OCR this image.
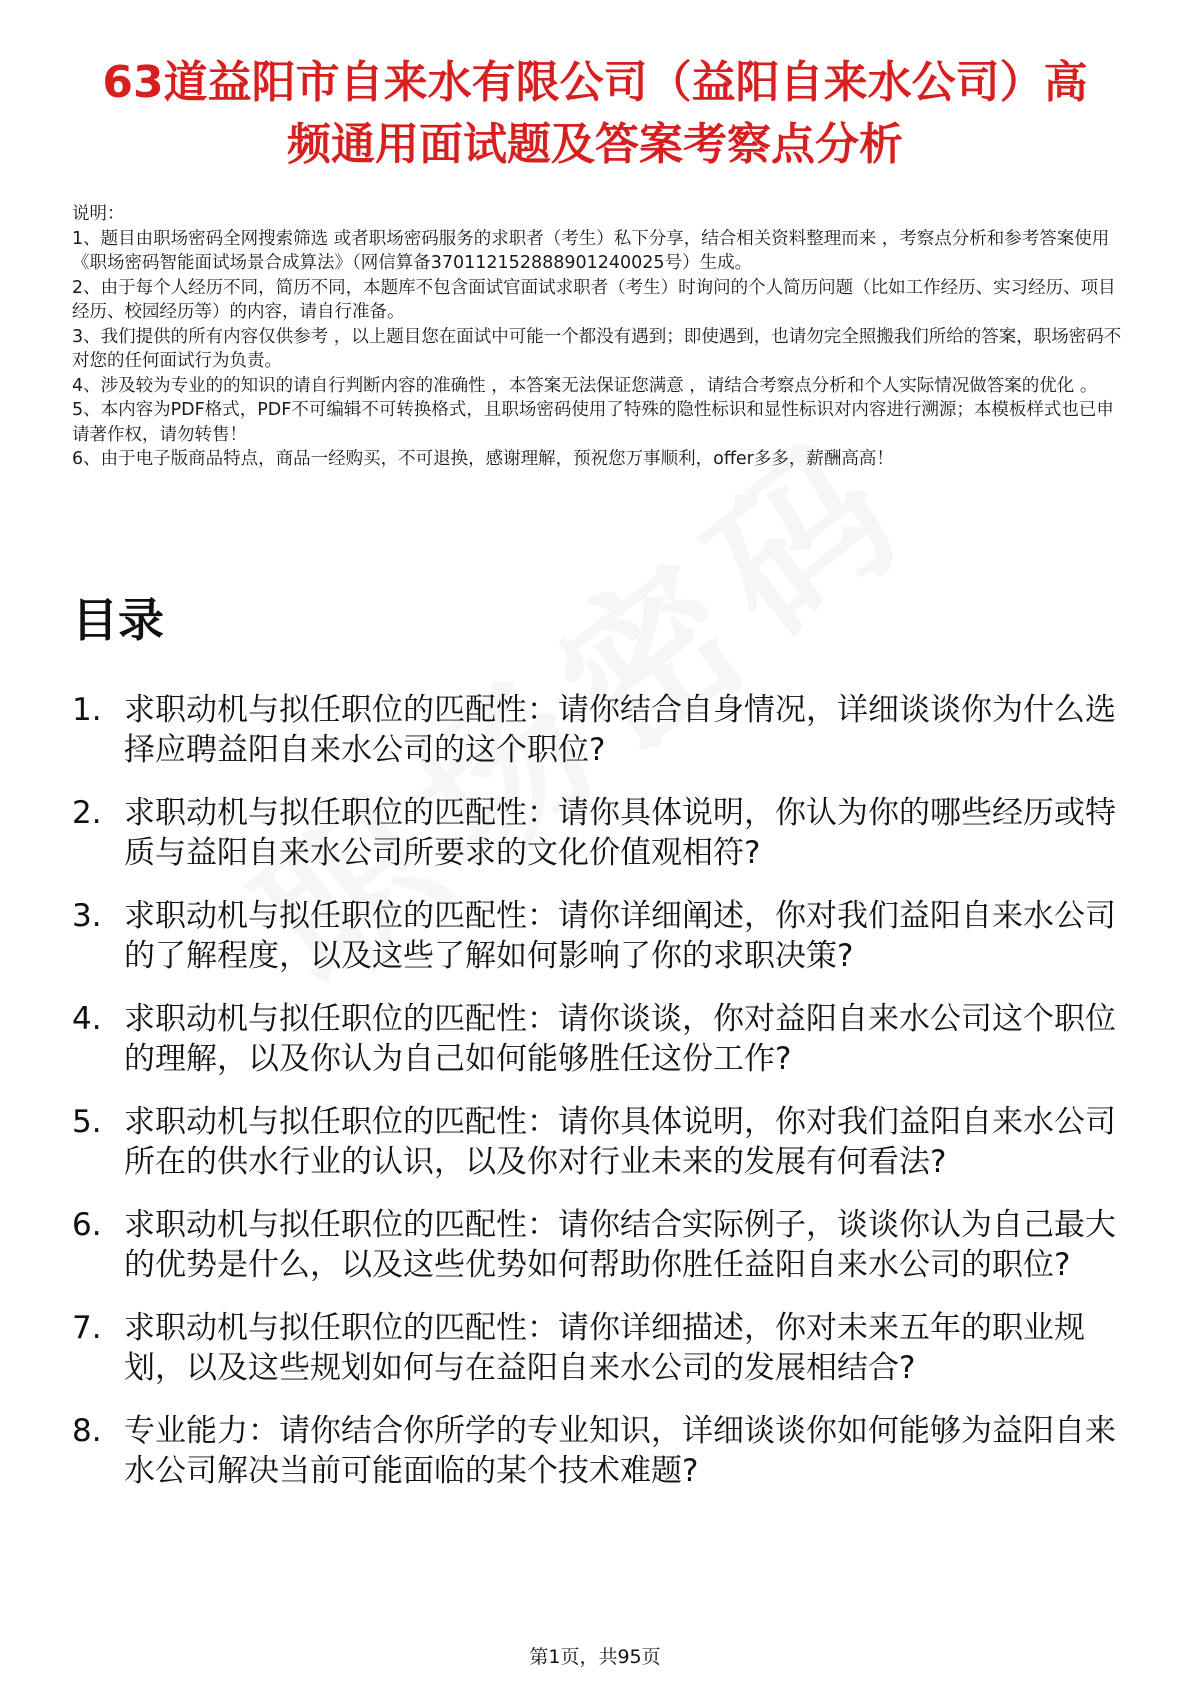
63道益阳市自来水有限公司（益阳自来水公司）高频通用面试题及答案考察点分析
说明：
1、题目由职场密码全网搜索筛选 或者职场密码服务的求职者（考生）私下分享，结合相关资料整理而来 ，考察点分析和参考答案使用《职场密码智能面试场景合成算法》（网信算备370112152888901240025号）生成。
2、由于每个人经历不同，简历不同，本题库不包含面试官面试求职者（考生）时询问的个人简历问题（比如工作经历、实习经历、项目经历、校园经历等）的内容，请自行准备。
3、我们提供的所有内容仅供参考 ，以上题目您在面试中可能一个都没有遇到；即使遇到，也请勿完全照搬我们所给的答案，职场密码不对您的任何面试行为负责。
4、涉及较为专业的的知识的请自行判断内容的准确性 ，本答案无法保证您满意 ，请结合考察点分析和个人实际情况做答案的优化 。
5、本内容为PDF格式，PDF不可编辑不可转换格式，且职场密码使用了特殊的隐性标识和显性标识对内容进行溯源；本模板样式也已申请著作权，请勿转售！
6、由于电子版商品特点，商品一经购买，不可退换，感谢理解，预祝您万事顺利，offer多多，薪酬高高！
目录
1. 求职动机与拟任职位的匹配性：请你结合自身情况，详细谈谈你为什么选择应聘益阳自来水公司的这个职位?
2. 求职动机与拟任职位的匹配性：请你具体说明，你认为你的哪些经历或特质与益阳自来水公司所要求的文化价值观相符?
3. 求职动机与拟任职位的匹配性：请你详细阐述，你对我们益阳自来水公司的了解程度，以及这些了解如何影响了你的求职决策?
4. 求职动机与拟任职位的匹配性：请你谈谈，你对益阳自来水公司这个职位的理解，以及你认为自己如何能够胜任这份工作?
5. 求职动机与拟任职位的匹配性：请你具体说明，你对我们益阳自来水公司所在的供水行业的认识，以及你对行业未来的发展有何看法?
6. 求职动机与拟任职位的匹配性：请你结合实际例子，谈谈你认为自己最大的优势是什么，以及这些优势如何帮助你胜任益阳自来水公司的职位?
7. 求职动机与拟任职位的匹配性：请你详细描述，你对未来五年的职业规划，以及这些规划如何与在益阳自来水公司的发展相结合?
8. 专业能力：请你结合你所学的专业知识，详细谈谈你如何能够为益阳自来水公司解决当前可能面临的某个技术难题?
第1页，共95页
